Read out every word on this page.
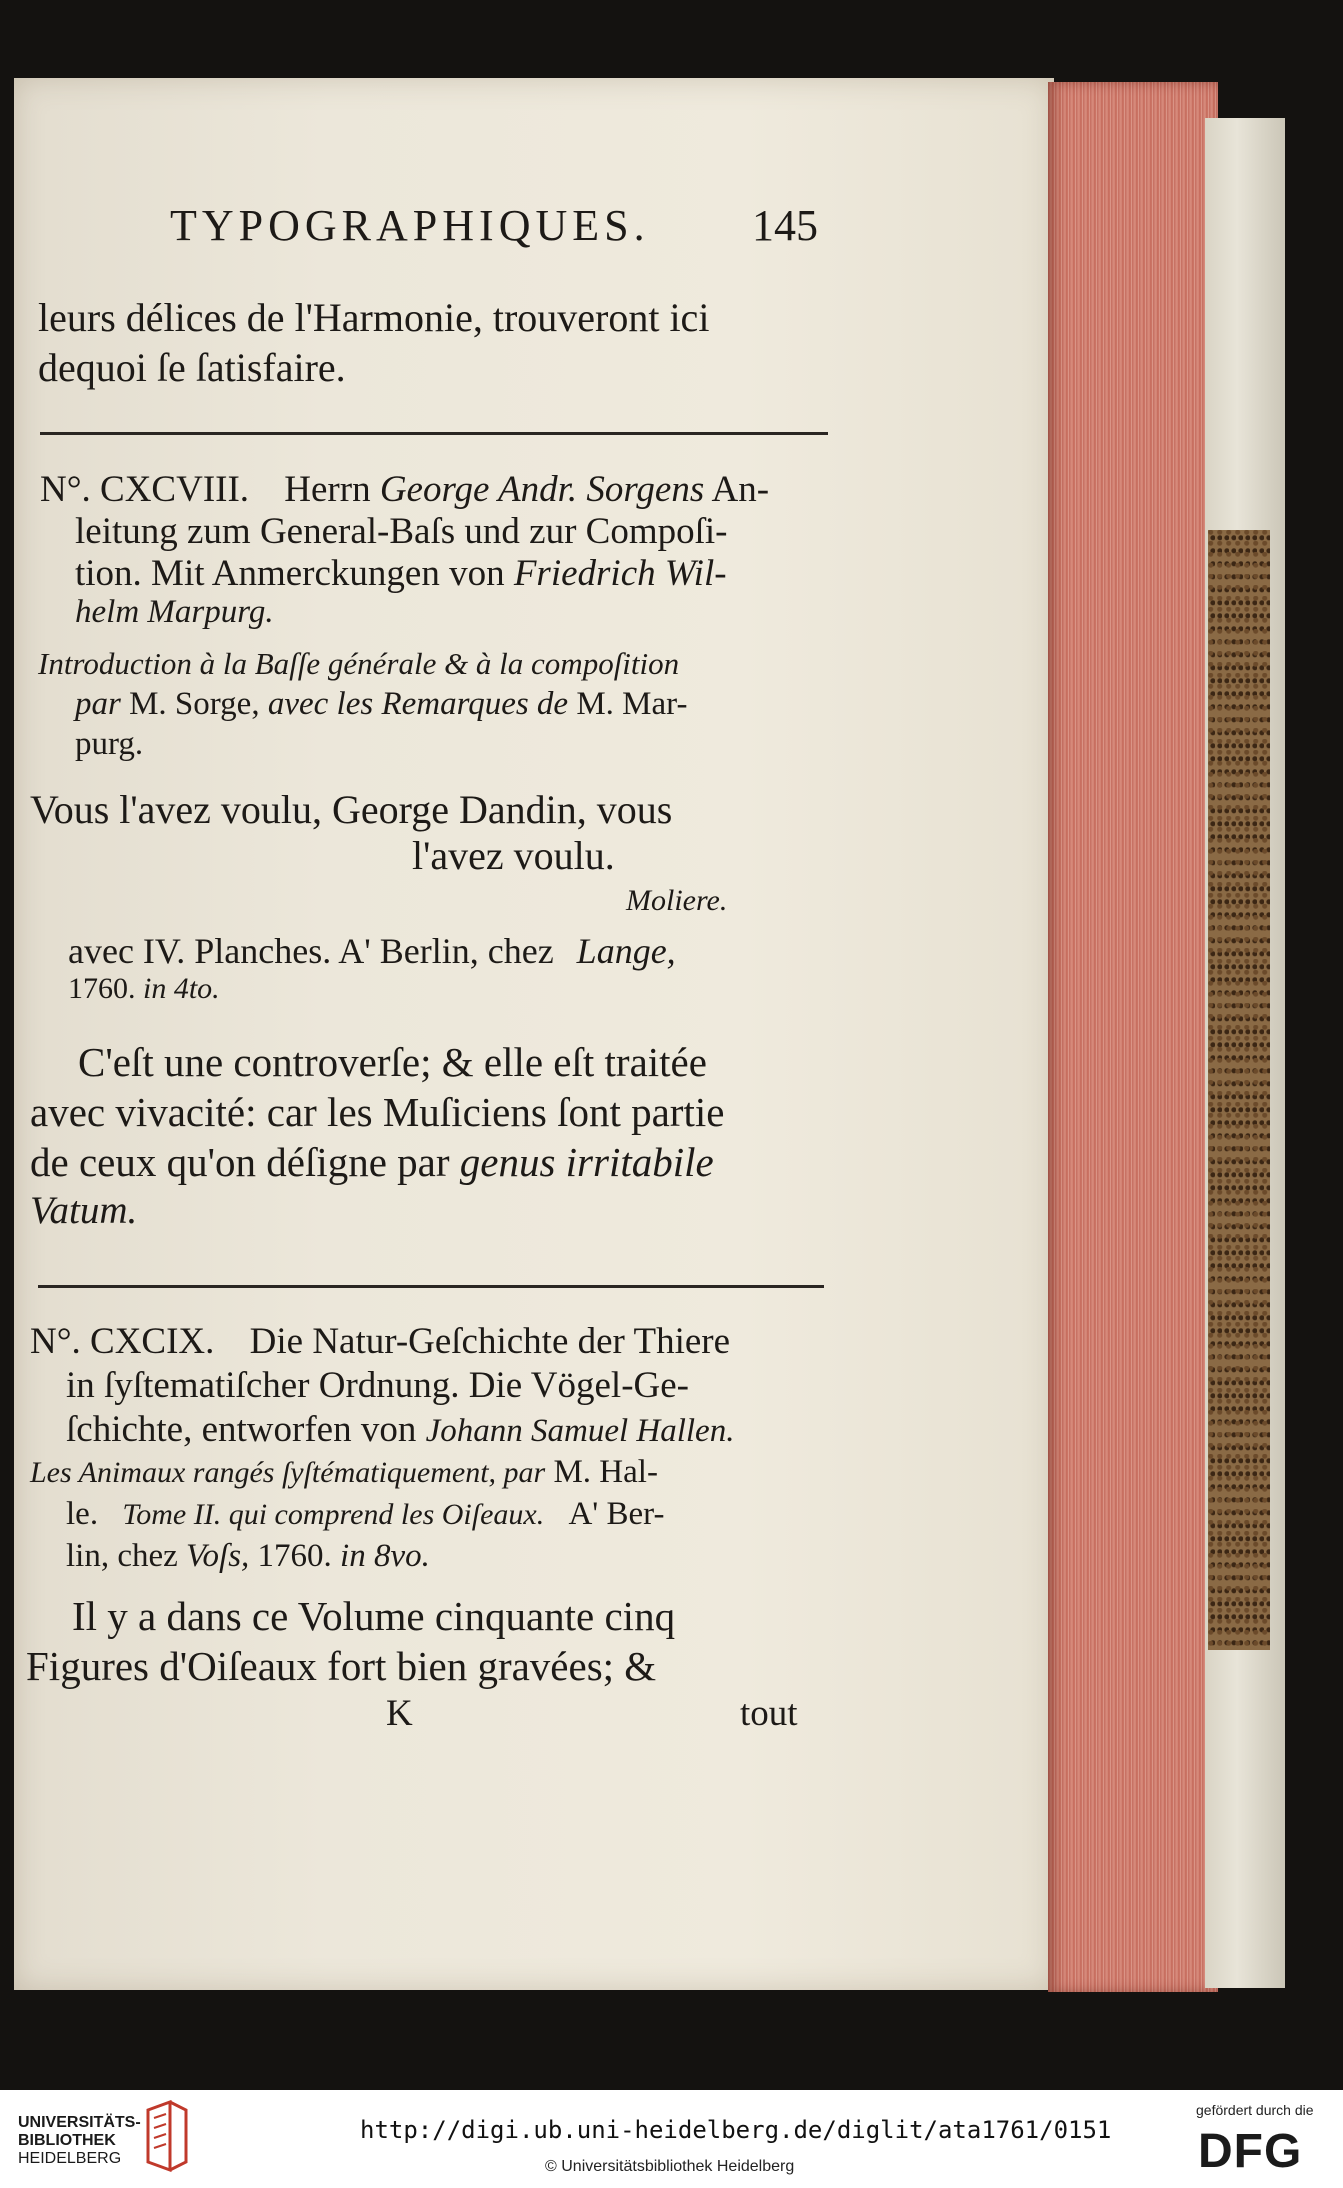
TYPOGRAPHIQUES. 145
leurs délices de l'Harmonie, trouveront ici
dequoi ſe ſatisfaire.
N°. CXCVIII. Herrn George Andr. Sorgens An-
leitung zum General-Baſs und zur Compoſi-
tion. Mit Anmerckungen von Friedrich Wil-
helm Marpurg.
Introduction à la Baſſe générale & à la compoſition
par M. Sorge, avec les Remarques de M. Mar-
purg.
Vous l'avez voulu, George Dandin, vous
l'avez voulu.
Moliere.
avec IV. Planches. A' Berlin, chez Lange,
1760. in 4to.
C'eſt une controverſe; & elle eſt traitée
avec vivacité: car les Muſiciens ſont partie
de ceux qu'on déſigne par genus irritabile
Vatum.
N°. CXCIX. Die Natur-Geſchichte der Thiere
in ſyſtematiſcher Ordnung. Die Vögel-Ge-
ſchichte, entworfen von Johann Samuel Hallen.
Les Animaux rangés ſyſtématiquement, par M. Hal-
le. Tome II. qui comprend les Oiſeaux. A' Ber-
lin, chez Voſs, 1760. in 8vo.
Il y a dans ce Volume cinquante cinq
Figures d'Oiſeaux fort bien gravées; &
K	tout
UNIVERSITÄTS-
BIBLIOTHEK
HEIDELBERG
http://digi.ub.uni-heidelberg.de/diglit/ata1761/0151
© Universitätsbibliothek Heidelberg
gefördert durch die
DFG
